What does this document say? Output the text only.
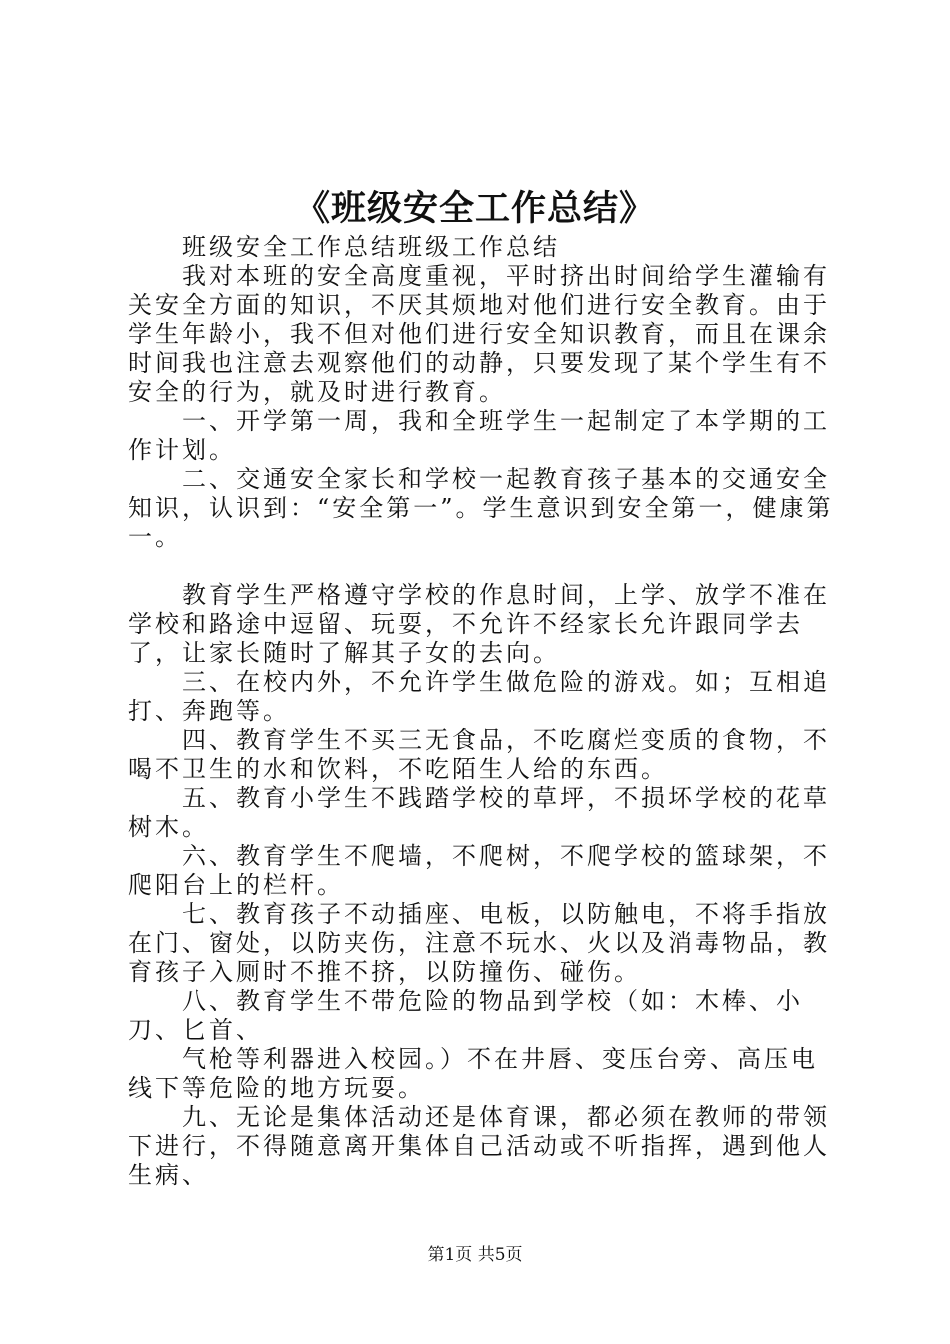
《班级安全工作总结》

班级安全工作总结班级工作总结

我对本班的安全高度重视，平时挤出时间给学生灌输有关安全方面的知识，不厌其烦地对他们进行安全教育。由于学生年龄小，我不但对他们进行安全知识教育，而且在课余时间我也注意去观察他们的动静，只要发现了某个学生有不安全的行为，就及时进行教育。

一、开学第一周，我和全班学生一起制定了本学期的工作计划。

二、交通安全家长和学校一起教育孩子基本的交通安全知识，认识到：“安全第一”。学生意识到安全第一，健康第一。

教育学生严格遵守学校的作息时间，上学、放学不准在学校和路途中逗留、玩耍，不允许不经家长允许跟同学去了，让家长随时了解其子女的去向。

三、在校内外，不允许学生做危险的游戏。如；互相追打、奔跑等。

四、教育学生不买三无食品，不吃腐烂变质的食物，不喝不卫生的水和饮料，不吃陌生人给的东西。

五、教育小学生不践踏学校的草坪，不损坏学校的花草树木。

六、教育学生不爬墙，不爬树，不爬学校的篮球架，不爬阳台上的栏杆。

七、教育孩子不动插座、电板，以防触电，不将手指放在门、窗处，以防夹伤，注意不玩水、火以及消毒物品，教育孩子入厕时不推不挤，以防撞伤、碰伤。

八、教育学生不带危险的物品到学校（如：木棒、小刀、匕首、

气枪等利器进入校园。）不在井唇、变压台旁、高压电线下等危险的地方玩耍。

九、无论是集体活动还是体育课，都必须在教师的带领下进行，不得随意离开集体自己活动或不听指挥，遇到他人生病、

第1页 共5页
